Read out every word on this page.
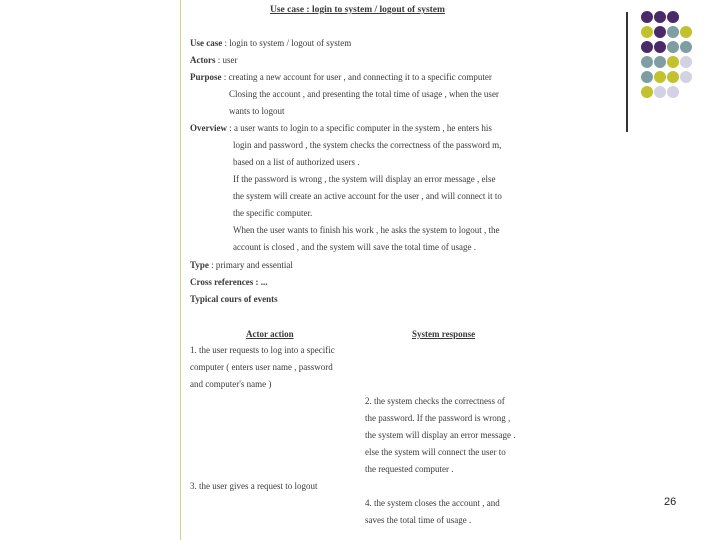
Use case : login to system / logout of system
Use case : login to system / logout of system
Actors : user
Purpose : creating a new account for user , and connecting it to a specific computer
Closing the account , and presenting the total time of usage , when the user
wants to logout
Overview : a user wants to login to a specific computer in the system , he enters his
login and password , the system checks the correctness of the password m,
based on a list of authorized users .
If the password is wrong , the system will display an error message , else
the system will create an active account for the user , and will connect it to
the specific computer.
When the user wants to finish his work , he asks the system to logout , the
account is closed , and the system will save the total time of usage .
Type : primary and essential
Cross references : ...
Typical cours of events
Actor action	System response
1. the user requests to log into a specific
computer ( enters user name , password
and computer's name )
2. the system checks the correctness of
the password. If the password is wrong ,
the system will display an error message .
else the system will connect the user to
the requested computer .
3. the user gives a request to logout
4. the system closes the account , and
saves the total time of usage .
26
